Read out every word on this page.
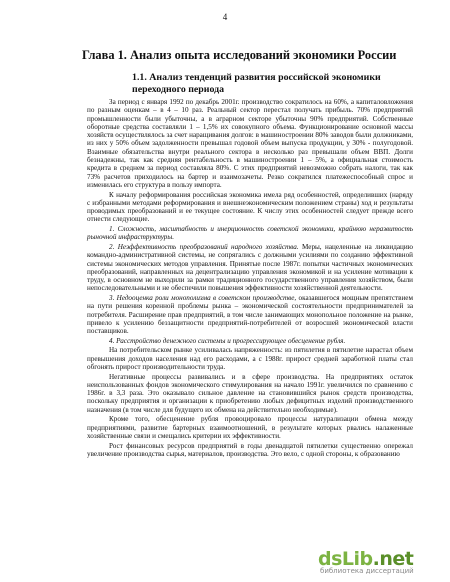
4
Глава 1. Анализ опыта исследований экономики России
1.1. Анализ тенденций развития российской экономики переходного периода

За период с января 1992 по декабрь 2001г. производство сократилось на 60%, а капиталовложения по разным оценкам – в 4 – 10 раз. Реальный сектор перестал получать прибыль. 70% предприятий промышленности были убыточны, а в аграрном секторе убыточны 90% предприятий. Собственные оборотные средства составляли 1 – 1,5% их совокупного объема. Функционирование основной массы хозяйств осуществлялось за счет наращивания долгов: в машиностроении 80% заводов были должниками, из них у 50% объем задолженности превышал годовой объем выпуска продукции, у 30% - полугодовой. Взаимные обязательства внутри реального сектора в несколько раз превышали объем ВВП. Долги безнадежны, так как средняя рентабельность в машиностроении 1 – 5%, а официальная стоимость кредита в среднем за период составляла 80%. С этих предприятий невозможно собрать налоги, так как 73% расчетов приходилось на бартер и взаимозачеты. Резко сократился платежеспособный спрос и изменилась его структура в пользу импорта.

К началу реформирования российская экономика имела ряд особенностей, определивших (наряду с избранными методами реформирования и внешнеэкономическим положением страны) ход и результаты проводимых преобразований и ее текущее состояние. К числу этих особенностей следует прежде всего отнести следующие.

1. Сложность, масштабность и инерционность советской экономики, крайнюю неразвитость рыночной инфраструктуры.

2. Неэффективность преобразований народного хозяйства. Меры, нацеленные на ликвидацию командно-административной системы, не сопрягались с должными усилиями по созданию эффективной системы экономических методов управления. Принятые после 1987г. попытки частичных экономических преобразований, направленных на децентрализацию управления экономикой и на усиление мотивации к труду, в основном не выходили за рамки традиционного государственного управления хозяйством, были непоследовательными и не обеспечили повышения эффективности хозяйственной деятельности.

3. Недооценка роли монополизма в советском производстве, оказавшегося мощным препятствием на пути решения коренной проблемы рынка – экономической состоятельности предпринимателей за потребителя. Расширение прав предприятий, в том числе занимающих монопольное положение на рынке, привело к усилению беззащитности предприятий-потребителей от возросшей экономической власти поставщиков.

4. Расстройство денежного системы и прогрессирующее обесценение рубля.

На потребительском рынке усиливалась напряженность: из пятилетия в пятилетие нарастал объем превышения доходов населения над его расходами, а с 1988г. прирост средней заработной платы стал обгонять прирост производительности труда.

Негативные процессы развивались и в сфере производства. На предприятиях остаток неиспользованных фондов экономического стимулирования на начало 1991г. увеличился по сравнению с 1986г. в 3,3 раза. Это оказывало сильное давление на становившийся рынок средств производства, поскольку предприятия и организации к приобретению любых дефицитных изделий производственного назначения (в том числе для будущего их обмена на действительно необходимые).

Кроме того, обесценение рубля провоцировало процессы натурализации обмена между предприятиями, развитие бартерных взаимоотношений, в результате которых рвались налаженные хозяйственные связи и смещались критерии их эффективности.

Рост финансовых ресурсов предприятий в годы двенадцатой пятилетки существенно опережал увеличение производства сырья, материалов, производства. Это вело, с одной стороны, к образованию

dsLib.net
библиотека диссертаций
